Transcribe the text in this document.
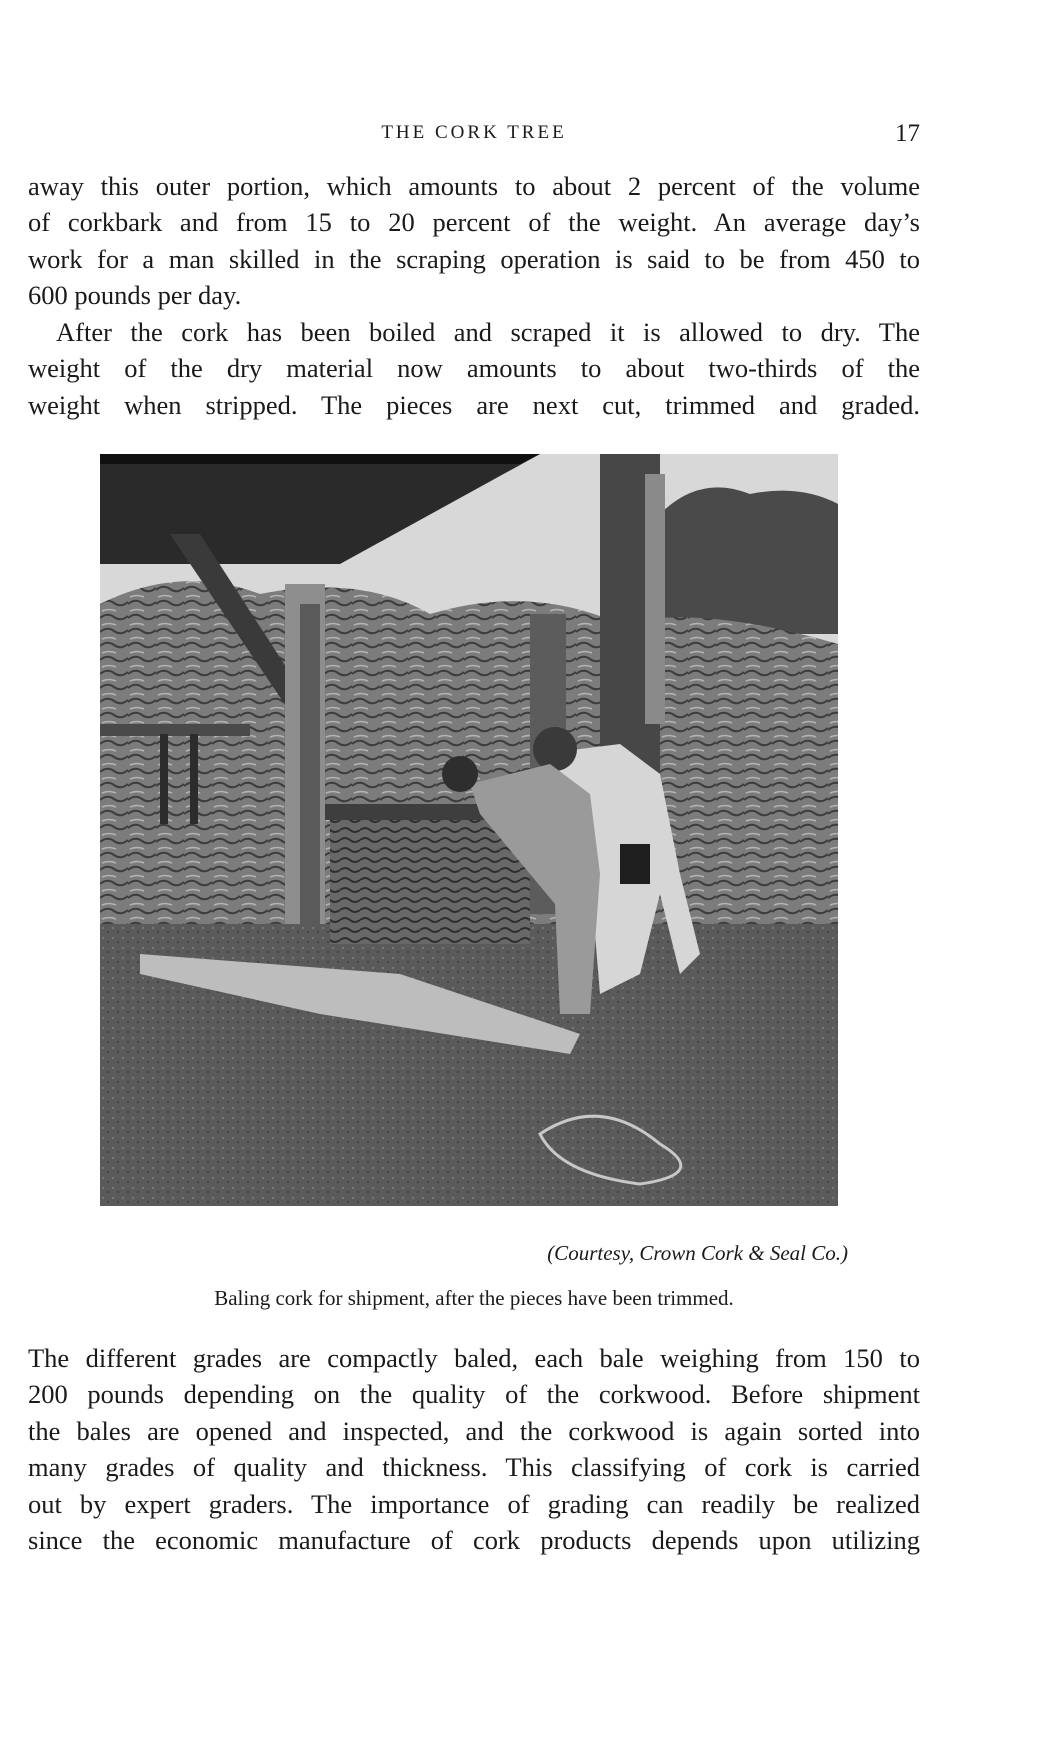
THE CORK TREE	17
away this outer portion, which amounts to about 2 percent of the volume
of corkbark and from 15 to 20 percent of the weight. An average day’s
work for a man skilled in the scraping operation is said to be from 450 to
600 pounds per day.
After the cork has been boiled and scraped it is allowed to dry. The
weight of the dry material now amounts to about two-thirds of the
weight when stripped. The pieces are next cut, trimmed and graded.
(Courtesy, Crown Cork & Seal Co.)
Baling cork for shipment, after the pieces have been trimmed.
The different grades are compactly baled, each bale weighing from 150 to
200 pounds depending on the quality of the corkwood. Before shipment
the bales are opened and inspected, and the corkwood is again sorted into
many grades of quality and thickness. This classifying of cork is carried
out by expert graders. The importance of grading can readily be realized
since the economic manufacture of cork products depends upon utilizing
